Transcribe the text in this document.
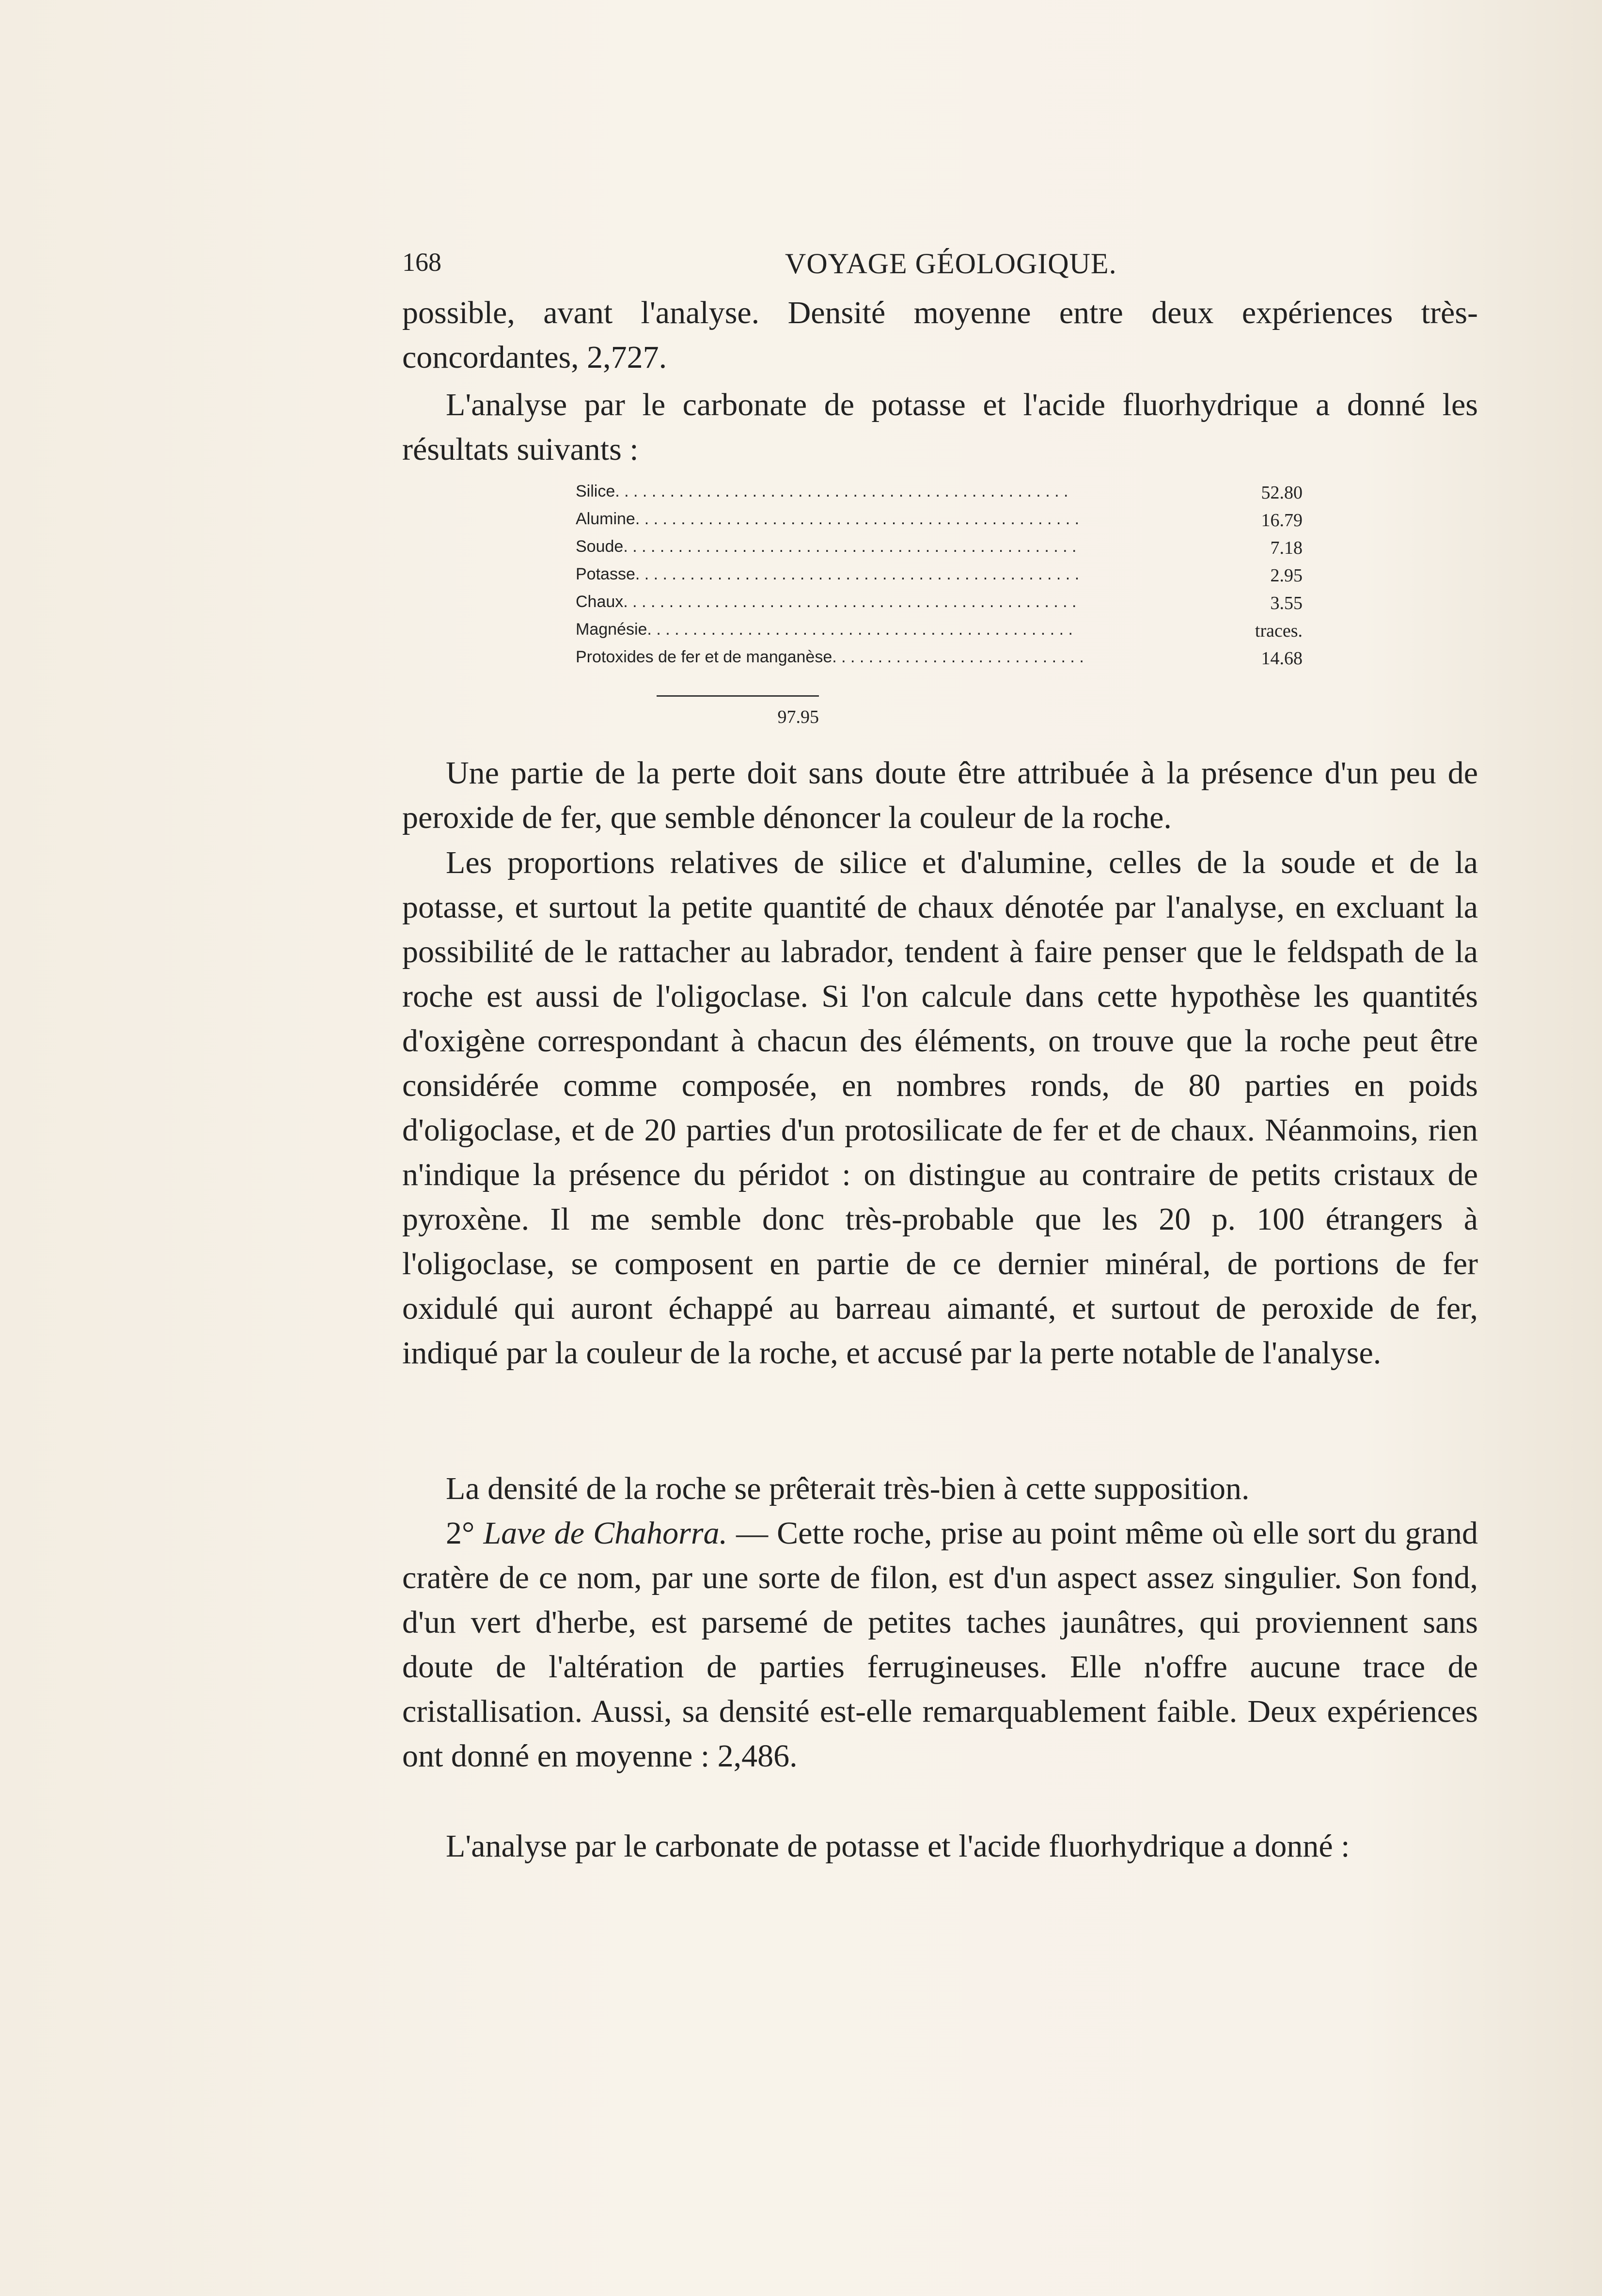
168	VOYAGE GÉOLOGIQUE.
possible, avant l'analyse. Densité moyenne entre deux expériences très-concordantes, 2,727.
L'analyse par le carbonate de potasse et l'acide fluorhydrique a donné les résultats suivants :
Silice. . . . . . . . . . . . . . . . . . . . . . . . . . . . . . . . . . . . . . . . . . . . . . . . . .	52.80
Alumine. . . . . . . . . . . . . . . . . . . . . . . . . . . . . . . . . . . . . . . . . . . . . . . . .	16.79
Soude. . . . . . . . . . . . . . . . . . . . . . . . . . . . . . . . . . . . . . . . . . . . . . . . . .	7.18
Potasse. . . . . . . . . . . . . . . . . . . . . . . . . . . . . . . . . . . . . . . . . . . . . . . . .	2.95
Chaux. . . . . . . . . . . . . . . . . . . . . . . . . . . . . . . . . . . . . . . . . . . . . . . . . .	3.55
Magnésie. . . . . . . . . . . . . . . . . . . . . . . . . . . . . . . . . . . . . . . . . . . . . . .	traces.
Protoxides de fer et de manganèse. . . . . . . . . . . . . . . . . . . . . . . . . . . .	14.68
97.95
Une partie de la perte doit sans doute être attribuée à la présence d'un peu de peroxide de fer, que semble dénoncer la couleur de la roche.
Les proportions relatives de silice et d'alumine, celles de la soude et de la potasse, et surtout la petite quantité de chaux dénotée par l'analyse, en excluant la possibilité de le rattacher au labrador, tendent à faire penser que le feldspath de la roche est aussi de l'oligoclase. Si l'on calcule dans cette hypothèse les quantités d'oxigène correspondant à chacun des éléments, on trouve que la roche peut être considérée comme composée, en nombres ronds, de 80 parties en poids d'oligoclase, et de 20 parties d'un protosilicate de fer et de chaux. Néanmoins, rien n'indique la présence du péridot : on distingue au contraire de petits cristaux de pyroxène. Il me semble donc très-probable que les 20 p. 100 étrangers à l'oligoclase, se composent en partie de ce dernier minéral, de portions de fer oxidulé qui auront échappé au barreau aimanté, et surtout de peroxide de fer, indiqué par la couleur de la roche, et accusé par la perte notable de l'analyse.
La densité de la roche se prêterait très-bien à cette supposition.
2° Lave de Chahorra. — Cette roche, prise au point même où elle sort du grand cratère de ce nom, par une sorte de filon, est d'un aspect assez singulier. Son fond, d'un vert d'herbe, est parsemé de petites taches jaunâtres, qui proviennent sans doute de l'altération de parties ferrugineuses. Elle n'offre aucune trace de cristallisation. Aussi, sa densité est-elle remarquablement faible. Deux expériences ont donné en moyenne : 2,486.
L'analyse par le carbonate de potasse et l'acide fluorhydrique a donné :
